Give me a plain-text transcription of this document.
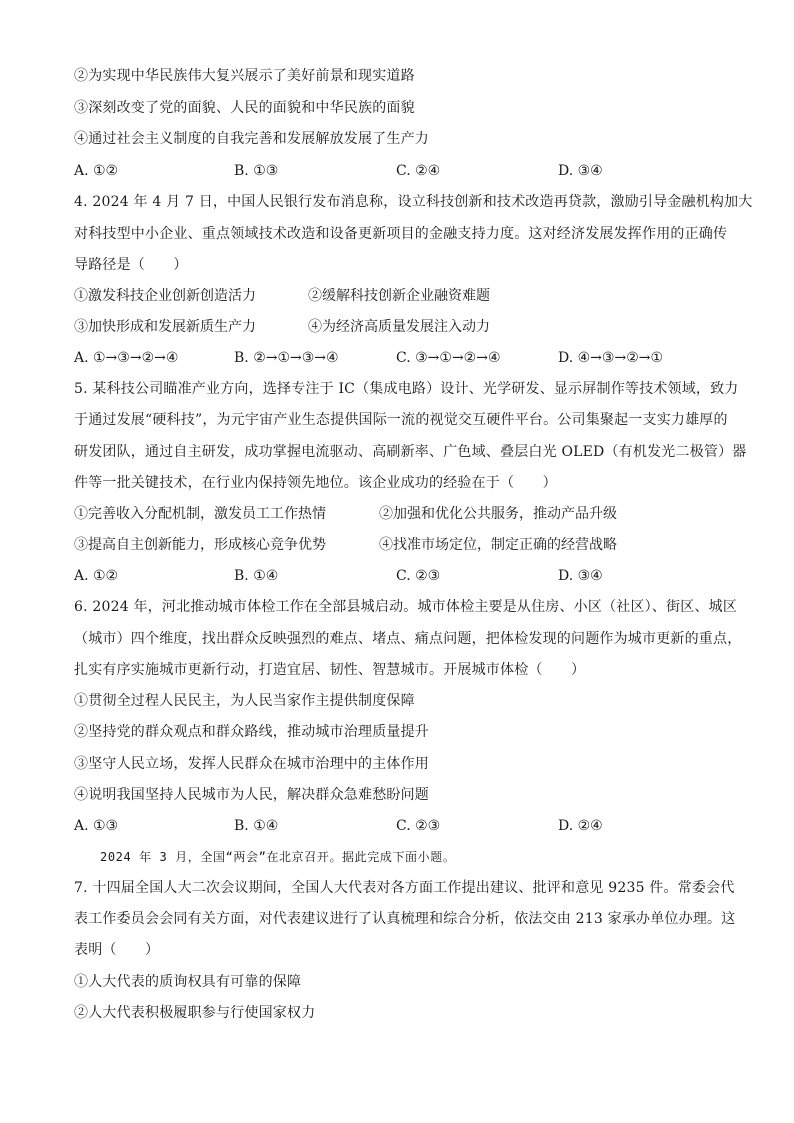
②为实现中华民族伟大复兴展示了美好前景和现实道路
③深刻改变了党的面貌、人民的面貌和中华民族的面貌
④通过社会主义制度的自我完善和发展解放发展了生产力
A. ①②	B. ①③	C. ②④	D. ③④
4. 2024 年 4 月 7 日，中国人民银行发布消息称，设立科技创新和技术改造再贷款，激励引导金融机构加大
对科技型中小企业、重点领域技术改造和设备更新项目的金融支持力度。这对经济发展发挥作用的正确传
导路径是（　　）
①激发科技企业创新创造活力	②缓解科技创新企业融资难题
③加快形成和发展新质生产力	④为经济高质量发展注入动力
A. ①→③→②→④	B. ②→①→③→④	C. ③→①→②→④	D. ④→③→②→①
5. 某科技公司瞄准产业方向，选择专注于 IC（集成电路）设计、光学研发、显示屏制作等技术领域，致力
于通过发展“硬科技”，为元宇宙产业生态提供国际一流的视觉交互硬件平台。公司集聚起一支实力雄厚的
研发团队，通过自主研发，成功掌握电流驱动、高刷新率、广色域、叠层白光 OLED（有机发光二极管）器
件等一批关键技术，在行业内保持领先地位。该企业成功的经验在于（　　）
①完善收入分配机制，激发员工工作热情	②加强和优化公共服务，推动产品升级
③提高自主创新能力，形成核心竞争优势	④找准市场定位，制定正确的经营战略
A. ①②	B. ①④	C. ②③	D. ③④
6. 2024 年，河北推动城市体检工作在全部县城启动。城市体检主要是从住房、小区（社区）、街区、城区
（城市）四个维度，找出群众反映强烈的难点、堵点、痛点问题，把体检发现的问题作为城市更新的重点，
扎实有序实施城市更新行动，打造宜居、韧性、智慧城市。开展城市体检（　　）
①贯彻全过程人民民主，为人民当家作主提供制度保障
②坚持党的群众观点和群众路线，推动城市治理质量提升
③坚守人民立场，发挥人民群众在城市治理中的主体作用
④说明我国坚持人民城市为人民，解决群众急难愁盼问题
A. ①③	B. ①④	C. ②③	D. ②④
2024 年 3 月，全国“两会”在北京召开。据此完成下面小题。
7. 十四届全国人大二次会议期间，全国人大代表对各方面工作提出建议、批评和意见 9235 件。常委会代
表工作委员会会同有关方面，对代表建议进行了认真梳理和综合分析，依法交由 213 家承办单位办理。这
表明（　　）
①人大代表的质询权具有可靠的保障
②人大代表积极履职参与行使国家权力
